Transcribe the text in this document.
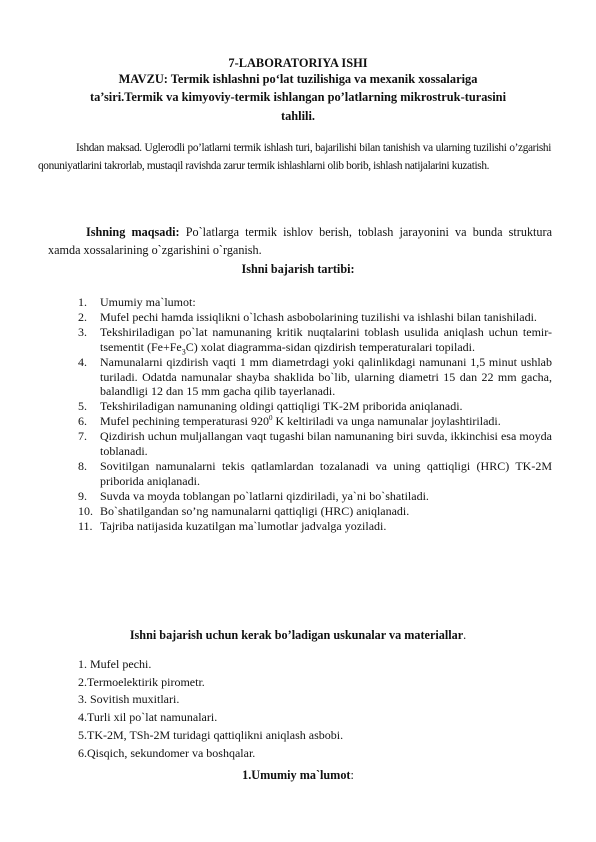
7-LABORATORIYA ISHI
MAVZU: Termik ishlashni po‘lat tuzilishiga va mexanik xossalariga
ta’siri.Termik va kimyoviy-termik ishlangan po’latlarning mikrostruk-turasini
tahlili.
Ishdan maksad. Uglerodli po’latlarni termik ishlash turi, bajarilishi bilan tanishish va ularning tuzilishi o’zgarishi qonuniyatlarini takrorlab, mustaqil ravishda zarur termik ishlashlarni olib borib, ishlash natijalarini kuzatish.
Ishning maqsadi: Po`latlarga termik ishlov berish, toblash jarayonini va bunda struktura xamda xossalarining o`zgarishini o`rganish.
Ishni bajarish tartibi:
1. Umumiy ma`lumot:
2. Mufel pechi hamda issiqlikni o`lchash asbobolarining tuzilishi va ishlashi bilan tanishiladi.
3. Tekshiriladigan po`lat namunaning kritik nuqtalarini toblash usulida aniqlash uchun temir-tsementit $(Fe+Fe_3C)$ xolat diagramma-sidan qizdirish temperaturalari topiladi.
4. Namunalarni qizdirish vaqti 1 mm diametrdagi yoki qalinlikdagi namunani 1,5 minut ushlab turiladi. Odatda namunalar shayba shaklida bo`lib, ularning diametri 15 dan 22 mm gacha, balandligi 12 dan 15 mm gacha qilib tayerlanadi.
5. Tekshiriladigan namunaning oldingi qattiqligi TK-2M priborida aniqlanadi.
6. Mufel pechining temperaturasi $920^0$ K keltiriladi va unga namunalar joylashtiriladi.
7. Qizdirish uchun muljallangan vaqt tugashi bilan namunaning biri suvda, ikkinchisi esa moyda toblanadi.
8. Sovitilgan namunalarni tekis qatlamlardan tozalanadi va uning qattiqligi (HRC) TK-2M priborida aniqlanadi.
9. Suvda va moyda toblangan po`latlarni qizdiriladi, ya`ni bo`shatiladi.
10. Bo`shatilgandan so’ng namunalarni qattiqligi (HRC) aniqlanadi.
11. Tajriba natijasida kuzatilgan ma`lumotlar jadvalga yoziladi.
Ishni bajarish uchun kerak bo’ladigan uskunalar va materiallar.
1. Mufel pechi.
2.Termoelektirik pirometr.
3. Sovitish muxitlari.
4.Turli xil po`lat namunalari.
5.TK-2M, TSh-2M turidagi qattiqlikni aniqlash asbobi.
6.Qisqich, sekundomer va boshqalar.
1.Umumiy ma`lumot:
